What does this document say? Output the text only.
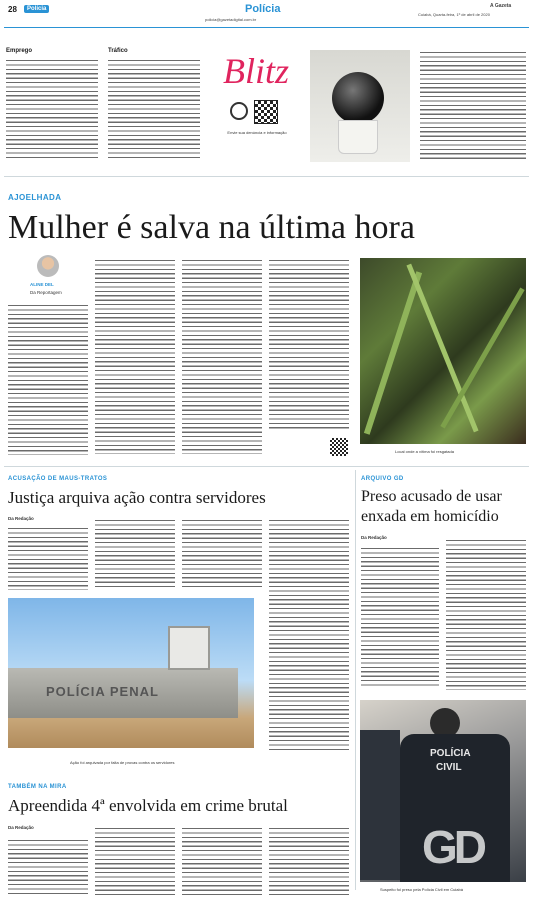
28	Polícia	Polícia
policia@gazetadigital.com.br
A Gazeta
Cuiabá, Quarta-feira, 1º de abril de 2020
Emprego	Tráfico	Blitz
Envie sua denúncia e informação
AJOELHADA
Mulher é salva na última hora
ALINE DEL
Da Reportagem
Local onde a vítima foi resgatada
ACUSAÇÃO DE MAUS-TRATOS
Justiça arquiva ação contra servidores
Da Redação
POLÍCIA PENAL
Ação foi arquivada por falta de provas contra os servidores
ARQUIVO GD
Preso acusado de usar enxada em homicídio
Da Redação
POLÍCIA
CIVIL
GD
Suspeito foi preso pela Polícia Civil em Cuiabá
TAMBÉM NA MIRA
Apreendida 4ª envolvida em crime brutal
Da Redação
